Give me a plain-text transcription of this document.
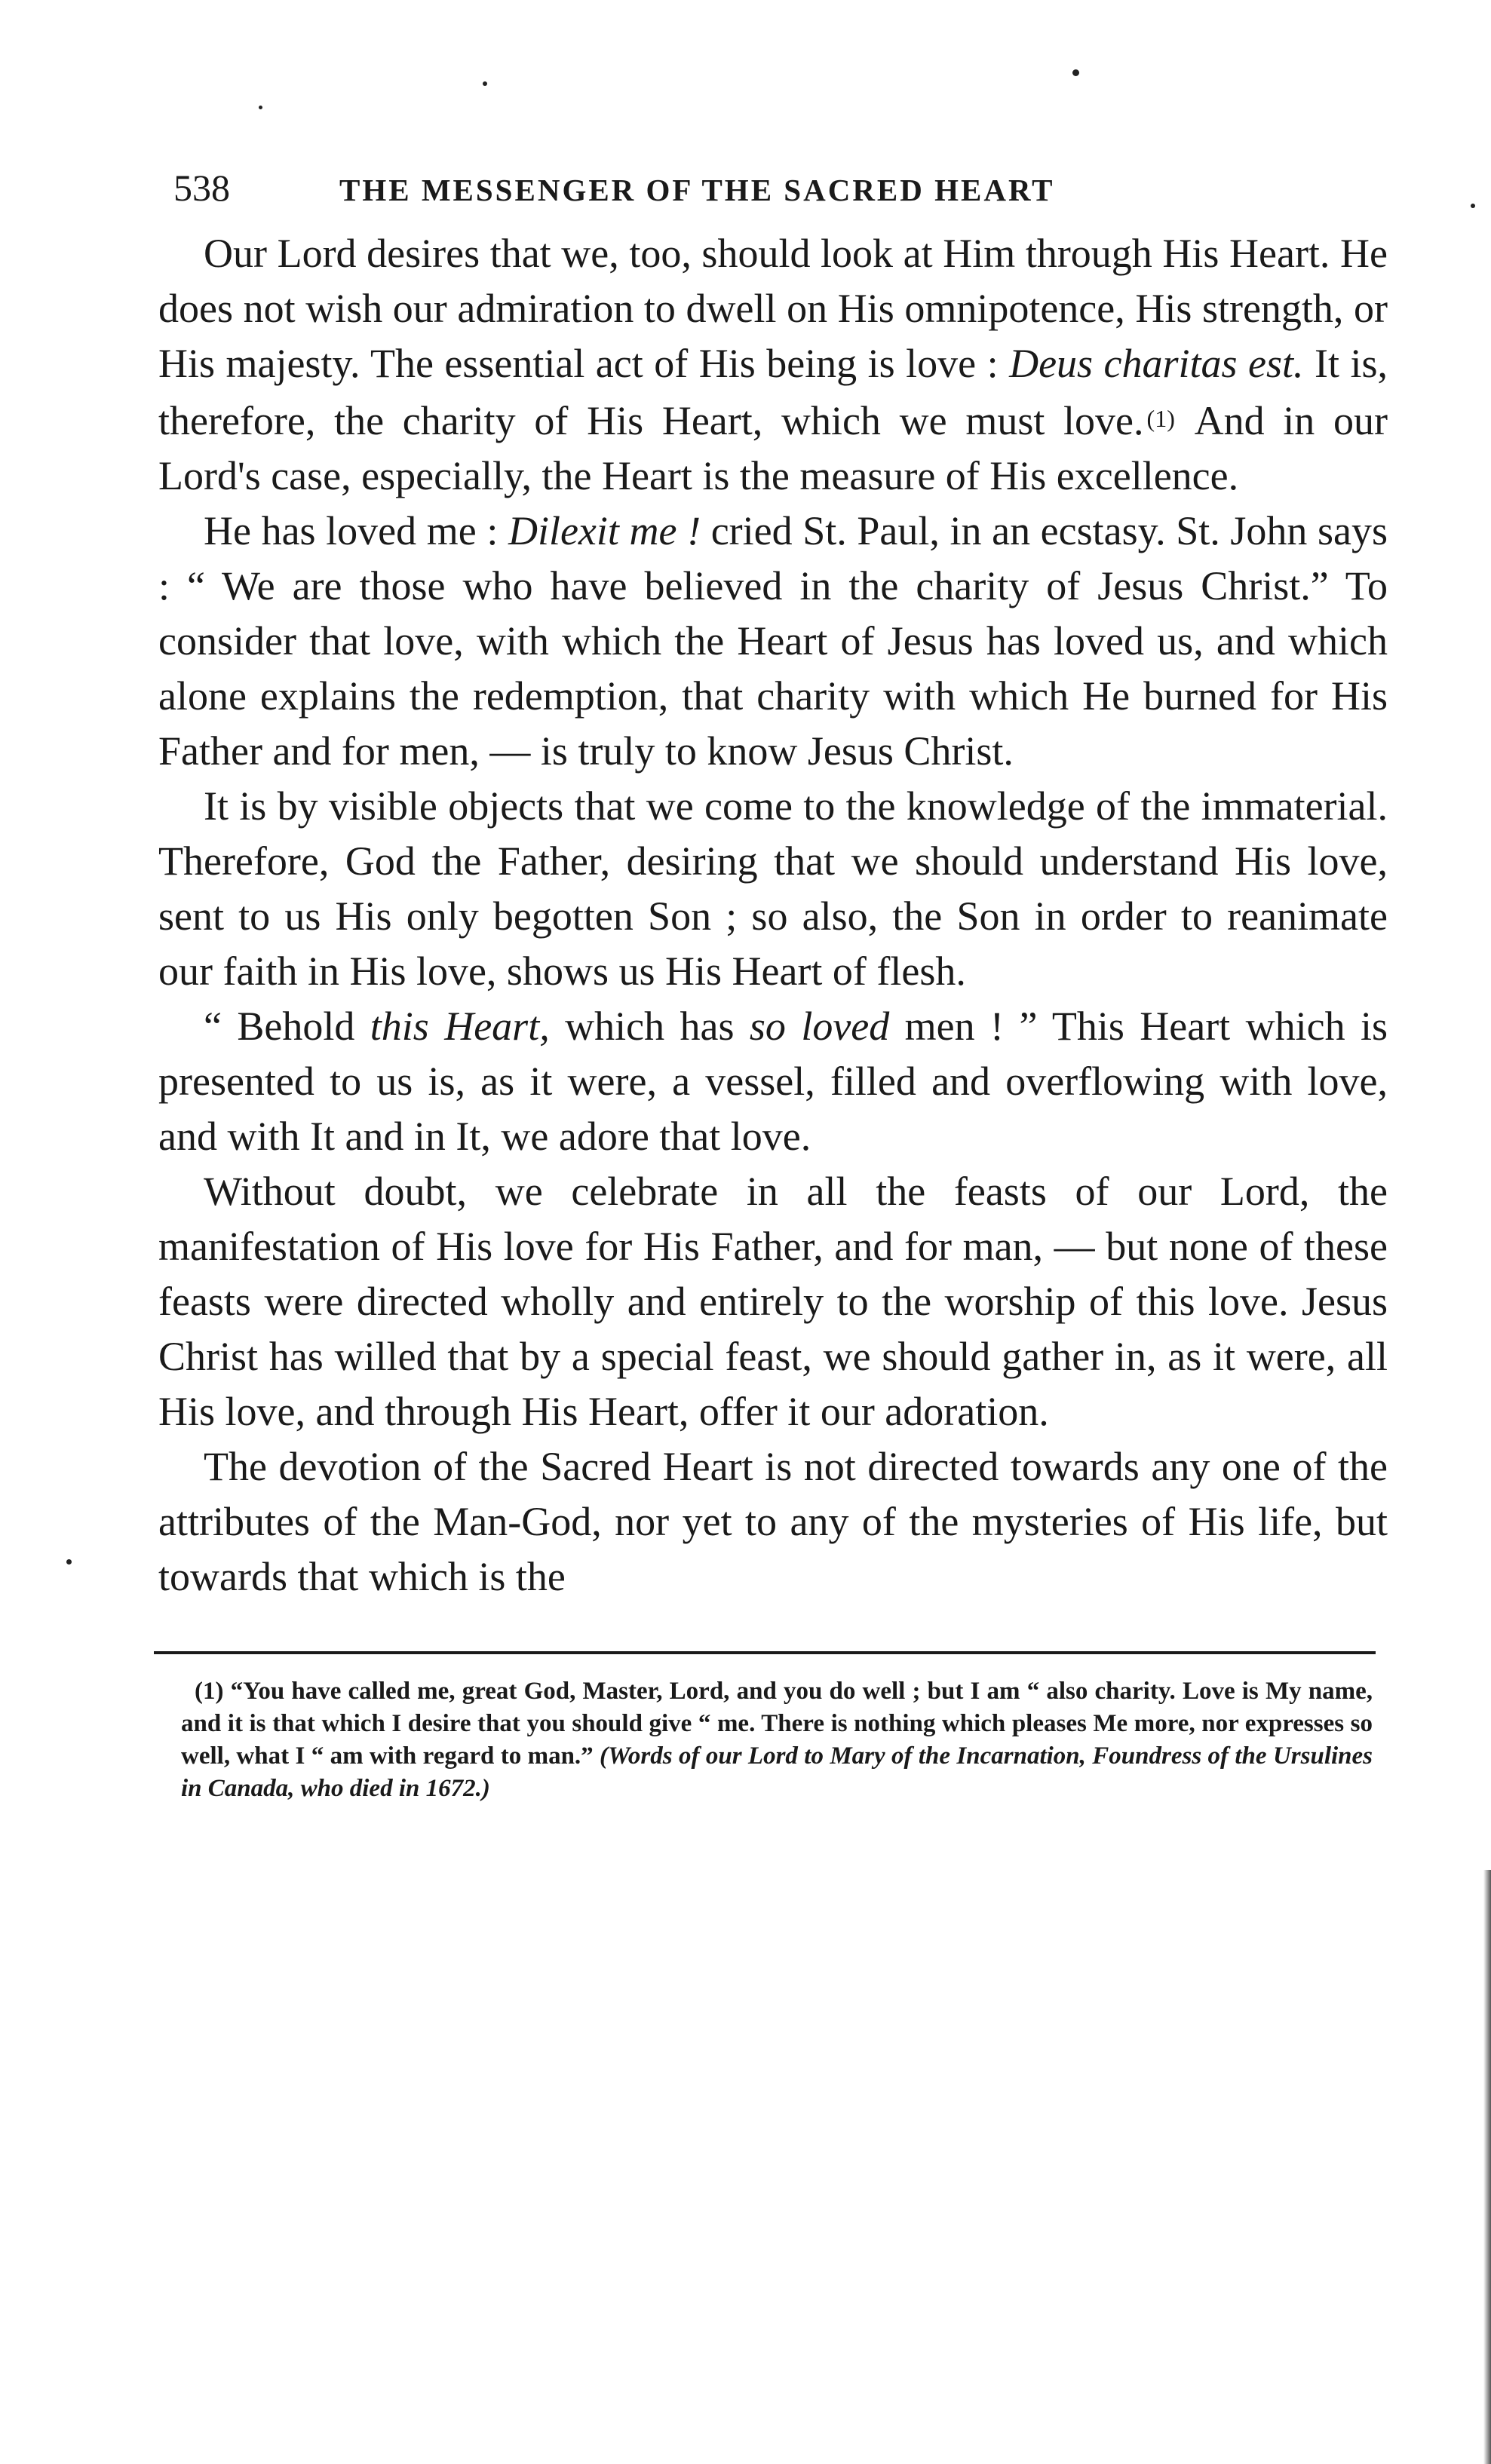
538	THE MESSENGER OF THE SACRED HEART

Our Lord desires that we, too, should look at Him through His Heart. He does not wish our admiration to dwell on His omnipotence, His strength, or His majesty. The essential act of His being is love : Deus charitas est. It is, therefore, the charity of His Heart, which we must love. (1) And in our Lord's case, especially, the Heart is the measure of His excellence.

He has loved me : Dilexit me ! cried St. Paul, in an ecstasy. St. John says : “ We are those who have believed in the charity of Jesus Christ.” To consider that love, with which the Heart of Jesus has loved us, and which alone explains the redemption, that charity with which He burned for His Father and for men, — is truly to know Jesus Christ.

It is by visible objects that we come to the knowledge of the immaterial. Therefore, God the Father, desiring that we should understand His love, sent to us His only begotten Son ; so also, the Son in order to reanimate our faith in His love, shows us His Heart of flesh.

“ Behold this Heart, which has so loved men ! ” This Heart which is presented to us is, as it were, a vessel, filled and overflowing with love, and with It and in It, we adore that love.

Without doubt, we celebrate in all the feasts of our Lord, the manifestation of His love for His Father, and for man, — but none of these feasts were directed wholly and entirely to the worship of this love. Jesus Christ has willed that by a special feast, we should gather in, as it were, all His love, and through His Heart, offer it our adoration.

The devotion of the Sacred Heart is not directed towards any one of the attributes of the Man-God, nor yet to any of the mysteries of His life, but towards that which is the

(1) “You have called me, great God, Master, Lord, and you do well ; but I am “ also charity. Love is My name, and it is that which I desire that you should give “ me. There is nothing which pleases Me more, nor expresses so well, what I “ am with regard to man.” (Words of our Lord to Mary of the Incarnation, Foundress of the Ursulines in Canada, who died in 1672.)
